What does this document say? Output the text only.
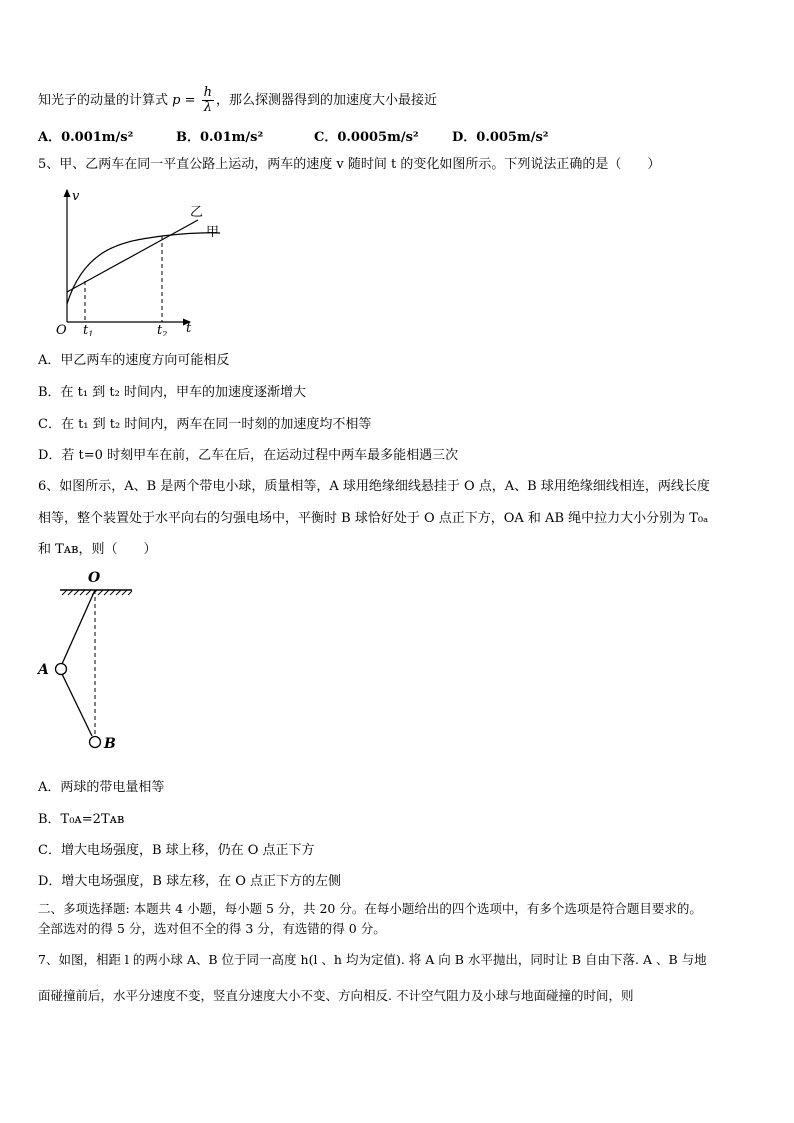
知光子的动量的计算式 $p = \frac{h}{\lambda}$ ，那么探测器得到的加速度大小最接近
A．0.001m/s²	B．0.01m/s²	C．0.0005m/s²	D．0.005m/s²
5、甲、乙两车在同一平直公路上运动，两车的速度 v 随时间 t 的变化如图所示。下列说法正确的是（　　）
v
t
O $t_1$	$t_2$
乙
甲
A．甲乙两车的速度方向可能相反
B．在 t₁ 到 t₂ 时间内，甲车的加速度逐渐增大
C．在 t₁ 到 t₂ 时间内，两车在同一时刻的加速度均不相等
D．若 t=0 时刻甲车在前，乙车在后，在运动过程中两车最多能相遇三次
6、如图所示，A、B 是两个带电小球，质量相等，A 球用绝缘细线悬挂于 O 点，A、B 球用绝缘细线相连，两线长度
相等，整个装置处于水平向右的匀强电场中，平衡时 B 球恰好处于 O 点正下方，OA 和 AB 绳中拉力大小分别为 T₀ₐ
和 Tᴀʙ，则（　　）
O
A
B
A．两球的带电量相等
B．T₀ᴀ=2Tᴀʙ
C．增大电场强度，B 球上移，仍在 O 点正下方
D．增大电场强度，B 球左移，在 O 点正下方的左侧
二、多项选择题: 本题共 4 小题，每小题 5 分，共 20 分。在每小题给出的四个选项中，有多个选项是符合题目要求的。
全部选对的得 5 分，选对但不全的得 3 分，有选错的得 0 分。
7、如图，相距 l 的两小球 A、B 位于同一高度 h(l 、h 均为定值). 将 A 向 B 水平抛出，同时让 B 自由下落. A 、B 与地
面碰撞前后，水平分速度不变，竖直分速度大小不变、方向相反. 不计空气阻力及小球与地面碰撞的时间，则
